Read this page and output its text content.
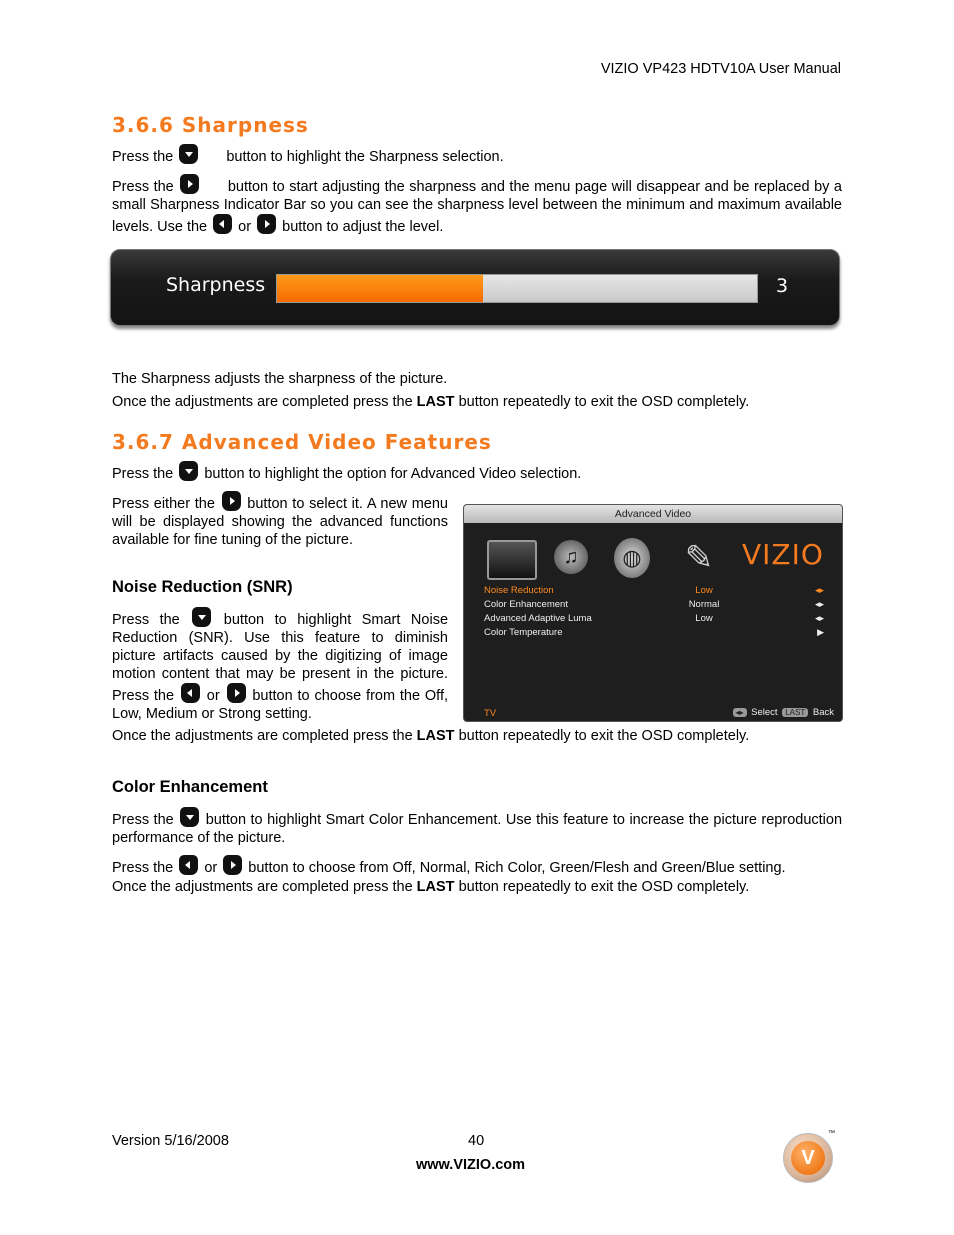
VIZIO VP423 HDTV10A User Manual
3.6.6 Sharpness
Press the	button to highlight the Sharpness selection.
Press the	button to start adjusting the sharpness and the menu page will disappear and be replaced by a small Sharpness Indicator Bar so you can see the sharpness level between the minimum and maximum available levels. Use the or button to adjust the level.
Sharpness	3
The Sharpness adjusts the sharpness of the picture.
Once the adjustments are completed press the LAST button repeatedly to exit the OSD completely.
3.6.7 Advanced Video Features
Press the button to highlight the option for Advanced Video selection.
Press either the button to select it. A new menu will be displayed showing the advanced functions available for fine tuning of the picture.
Advanced Video
♫	◍	✎	VIZIO
Noise Reduction	Low	◂▸
Color Enhancement	Normal	◂▸
Advanced Adaptive Luma	Low	◂▸
Color Temperature	▶
TV	◂▸ Select LAST Back
Noise Reduction (SNR)
Press the	button to highlight Smart Noise Reduction (SNR). Use this feature to diminish picture artifacts caused by the digitizing of image motion content that may be present in the picture. Press the or button to choose from the Off, Low, Medium or Strong setting.
Once the adjustments are completed press the LAST button repeatedly to exit the OSD completely.
Color Enhancement
Press the button to highlight Smart Color Enhancement. Use this feature to increase the picture reproduction performance of the picture.
Press the or button to choose from Off, Normal, Rich Color, Green/Flesh and Green/Blue setting.
Once the adjustments are completed press the LAST button repeatedly to exit the OSD completely.
Version 5/16/2008	40
www.VIZIO.com	V
™
